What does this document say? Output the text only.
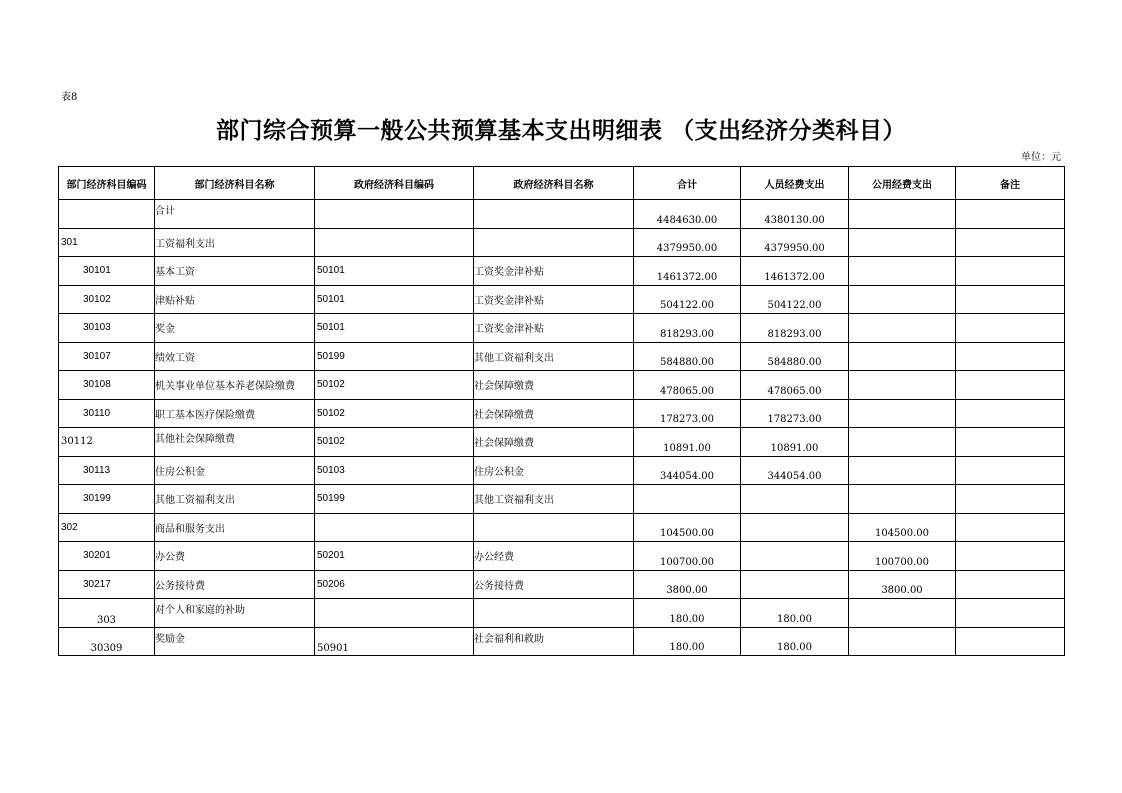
表8
部门综合预算一般公共预算基本支出明细表 （支出经济分类科目）
单位：元
部门经济科目编码	部门经济科目名称	政府经济科目编码	政府经济科目名称	合计	人员经费支出	公用经费支出	备注
	合计			4484630.00	4380130.00		
301	工资福利支出			4379950.00	4379950.00		
30101	基本工资	50101	工资奖金津补贴	1461372.00	1461372.00		
30102	津贴补贴	50101	工资奖金津补贴	504122.00	504122.00		
30103	奖金	50101	工资奖金津补贴	818293.00	818293.00		
30107	绩效工资	50199	其他工资福利支出	584880.00	584880.00		
30108	机关事业单位基本养老保险缴费	50102	社会保障缴费	478065.00	478065.00		
30110	职工基本医疗保险缴费	50102	社会保障缴费	178273.00	178273.00		
30112	其他社会保障缴费	50102	社会保障缴费	10891.00	10891.00		
30113	住房公积金	50103	住房公积金	344054.00	344054.00		
30199	其他工资福利支出	50199	其他工资福利支出				
302	商品和服务支出			104500.00		104500.00	
30201	办公费	50201	办公经费	100700.00		100700.00	
30217	公务接待费	50206	公务接待费	3800.00		3800.00	
303	对个人和家庭的补助			180.00	180.00		
30309	奖励金	50901	社会福利和救助	180.00	180.00		
